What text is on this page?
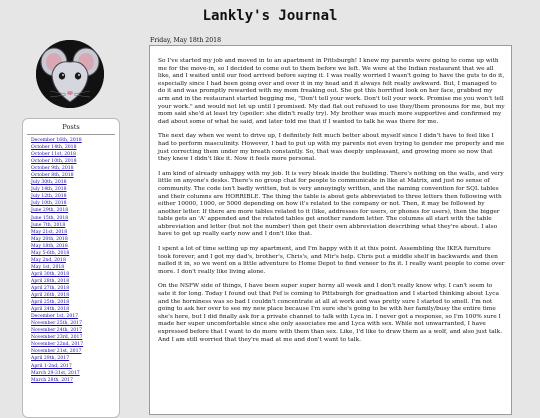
Lankly's Journal
Posts
December 16th, 2018
October 14th, 2018
October 11st, 2018
October 10th, 2018
October 9th, 2018
October 8th, 2018
July 30th, 2018
July 14th, 2018
July 12th, 2018
July 10th, 2018
June 29th, 2018
June 15th, 2018
June 7th, 2018
May 21st, 2018
May 20th, 2018
May 18th, 2018
May 5-6th, 2018
May 2nd, 2018
May 1st, 2018
April 30th, 2018
April 28th, 2018
April 27th, 2018
April 26th, 2018
April 25th, 2018
April 24th, 2018
December 1st, 2017
November 25th, 2017
November 24th, 2017
November 23rd, 2017
November 22nd, 2017
November 21st, 2017
April 29th, 2017
April 1-2nd, 2017
March 29-31st, 2017
March 28th, 2017
Friday, May 18th 2018

So I've started my job and moved in to an apartment in Pittsburgh! I knew my parents were going to come up with me for the move-in, so I decided to come out to them before we left. We were at the Indian restaurant that we all like, and I waited until our food arrived before saying it. I was really worried I wasn't going to have the guts to do it, especially since I had been going over and over it in my head and it always felt really awkward. But, I managed to do it and was promptly rewarded with my mom freaking out. She got this horrified look on her face, grabbed my arm and in the restaurant started begging me, "Don't tell your work. Don't tell your work. Promise me you won't tell your work." and would not let up until I promised. My dad flat out refused to use they/them pronouns for me, but my mom said she'd at least try (spoiler: she didn't really try). My brother was much more supportive and confirmed my dad about some of what he said, and later told me that if I wanted to talk he was there for me.

The next day when we went to drive up, I definitely felt much better about myself since I didn't have to feel like I had to perform masculinity. However, I had to put up with my parents not even trying to gender me properly and me just correcting them under my breath constantly. So, that was deeply unpleasant, and growing more so now that they knew I didn't like it. Now it feels more personal.

I am kind of already unhappy with my job. It is very bleak inside the building. There's nothing on the walls, and very little on anyone's desks. There's no group chat for people to communicate in like at Matrix, and just no sense of community. The code isn't badly written, but is very annoyingly written, and the naming convention for SQL tables and their columns are HORRIBLE. The thing the table is about gets abbreviated to three letters then following with either 10000, 1000, or 5000 depending on how it's related to the company or not. Then, it may be followed by another letter. If there are more tables related to it (like, addresses for users, or phones for users), then the bigger table gets an 'A' appended and the related tables get another random letter. The columns all start with the table abbreviation and letter (but not the number) then get their own abbreviation describing what they're about. I also have to get up really early now and I don't like that.

I spent a lot of time setting up my apartment, and I'm happy with it at this point. Assembling the IKEA furniture took forever, and I got my dad's, brother's, Chris's, and Mir's help. Chris put a middle shelf in backwards and then nailed it in, so we went on a little adventure to Home Depot to find veneer to fix it. I really want people to come over more. I don't really like living alone.

On the NSFW side of things, I have been super super horny all week and I don't really know why. I can't seem to sate it for long. Today I found out that Fef is coming to Pittsburgh for graduation and I started thinking about Lyca and the horniness was so bad I couldn't concentrate at all at work and was pretty sure I started to smell. I'm not going to ask her over to see my new place because I'm sure she's going to be with her family/busy the entire time she's here, but I did finally ask for a private channel to talk with Lyca in. I never got a response, so I'm 100% sure I made her super uncomfortable since she only associates me and Lyca with sex. While not unwarranted, I have expressed before that I want to do more with them than sex. Like, I'd like to draw them as a wolf, and also just talk. And I am still worried that they're mad at me and don't want to talk.
